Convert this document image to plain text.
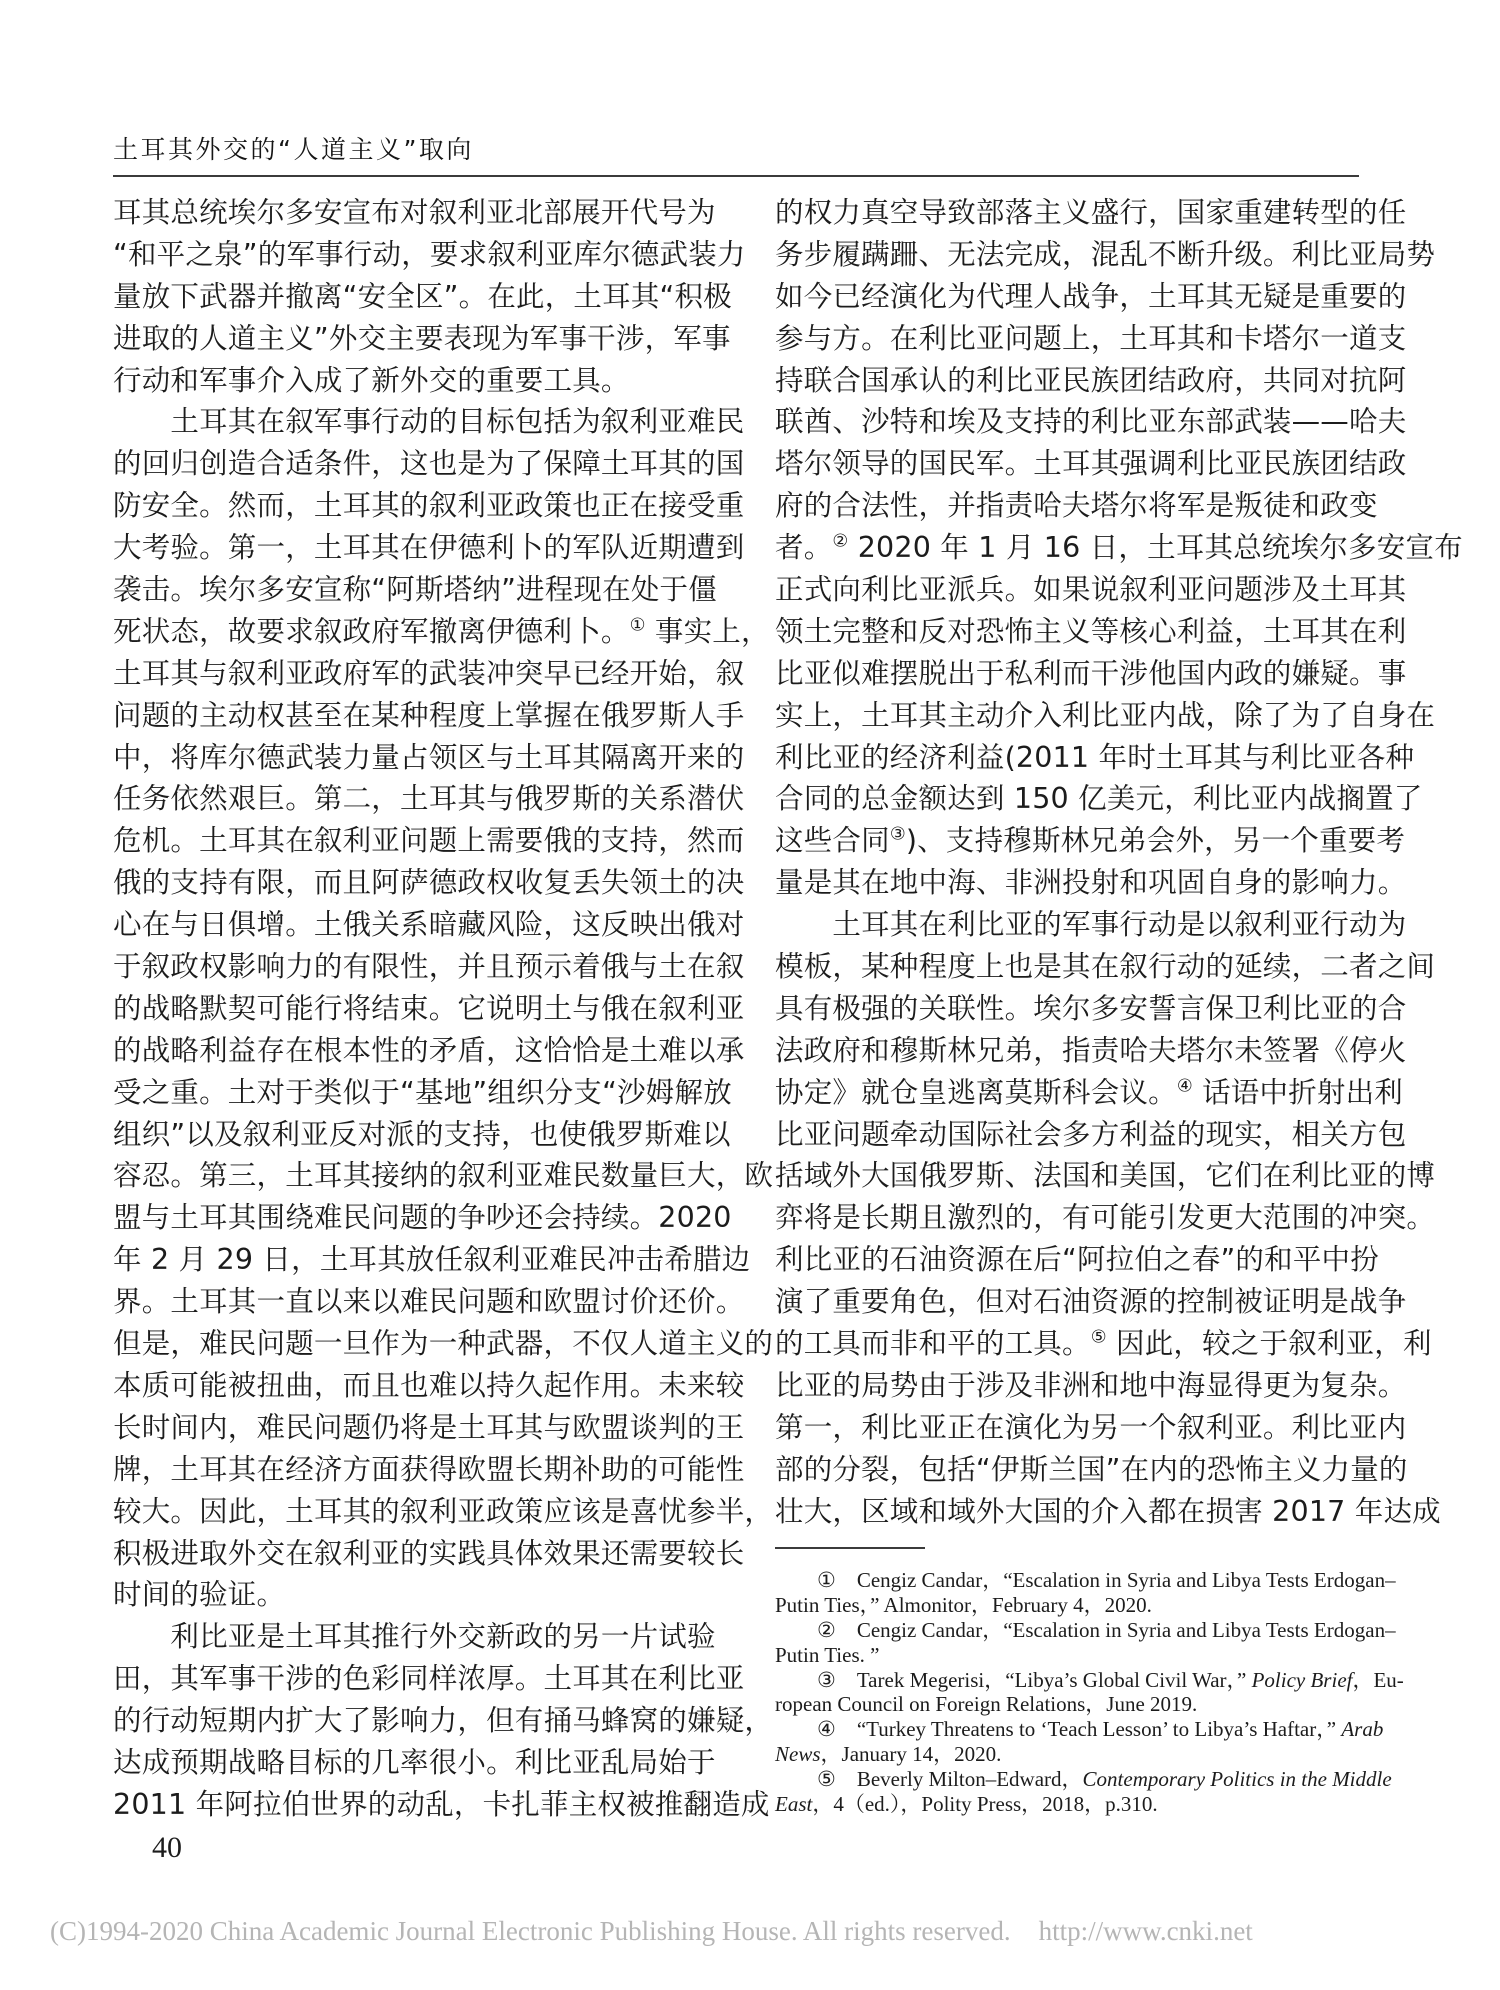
土耳其外交的“人道主义”取向
耳其总统埃尔多安宣布对叙利亚北部展开代号为
“和平之泉”的军事行动，要求叙利亚库尔德武装力
量放下武器并撤离“安全区”。在此，土耳其“积极
进取的人道主义”外交主要表现为军事干涉，军事
行动和军事介入成了新外交的重要工具。
　　土耳其在叙军事行动的目标包括为叙利亚难民
的回归创造合适条件，这也是为了保障土耳其的国
防安全。然而，土耳其的叙利亚政策也正在接受重
大考验。第一，土耳其在伊德利卜的军队近期遭到
袭击。埃尔多安宣称“阿斯塔纳”进程现在处于僵
死状态，故要求叙政府军撤离伊德利卜。① 事实上，
土耳其与叙利亚政府军的武装冲突早已经开始，叙
问题的主动权甚至在某种程度上掌握在俄罗斯人手
中，将库尔德武装力量占领区与土耳其隔离开来的
任务依然艰巨。第二，土耳其与俄罗斯的关系潜伏
危机。土耳其在叙利亚问题上需要俄的支持，然而
俄的支持有限，而且阿萨德政权收复丢失领土的决
心在与日俱增。土俄关系暗藏风险，这反映出俄对
于叙政权影响力的有限性，并且预示着俄与土在叙
的战略默契可能行将结束。它说明土与俄在叙利亚
的战略利益存在根本性的矛盾，这恰恰是土难以承
受之重。土对于类似于“基地”组织分支“沙姆解放
组织”以及叙利亚反对派的支持，也使俄罗斯难以
容忍。第三，土耳其接纳的叙利亚难民数量巨大，欧
盟与土耳其围绕难民问题的争吵还会持续。2020
年 2 月 29 日，土耳其放任叙利亚难民冲击希腊边
界。土耳其一直以来以难民问题和欧盟讨价还价。
但是，难民问题一旦作为一种武器，不仅人道主义的
本质可能被扭曲，而且也难以持久起作用。未来较
长时间内，难民问题仍将是土耳其与欧盟谈判的王
牌，土耳其在经济方面获得欧盟长期补助的可能性
较大。因此，土耳其的叙利亚政策应该是喜忧参半，
积极进取外交在叙利亚的实践具体效果还需要较长
时间的验证。
　　利比亚是土耳其推行外交新政的另一片试验
田，其军事干涉的色彩同样浓厚。土耳其在利比亚
的行动短期内扩大了影响力，但有捅马蜂窝的嫌疑，
达成预期战略目标的几率很小。利比亚乱局始于
2011 年阿拉伯世界的动乱，卡扎菲主权被推翻造成
的权力真空导致部落主义盛行，国家重建转型的任
务步履蹒跚、无法完成，混乱不断升级。利比亚局势
如今已经演化为代理人战争，土耳其无疑是重要的
参与方。在利比亚问题上，土耳其和卡塔尔一道支
持联合国承认的利比亚民族团结政府，共同对抗阿
联酋、沙特和埃及支持的利比亚东部武装——哈夫
塔尔领导的国民军。土耳其强调利比亚民族团结政
府的合法性，并指责哈夫塔尔将军是叛徒和政变
者。② 2020 年 1 月 16 日，土耳其总统埃尔多安宣布
正式向利比亚派兵。如果说叙利亚问题涉及土耳其
领土完整和反对恐怖主义等核心利益，土耳其在利
比亚似难摆脱出于私利而干涉他国内政的嫌疑。事
实上，土耳其主动介入利比亚内战，除了为了自身在
利比亚的经济利益(2011 年时土耳其与利比亚各种
合同的总金额达到 150 亿美元，利比亚内战搁置了
这些合同③)、支持穆斯林兄弟会外，另一个重要考
量是其在地中海、非洲投射和巩固自身的影响力。
　　土耳其在利比亚的军事行动是以叙利亚行动为
模板，某种程度上也是其在叙行动的延续，二者之间
具有极强的关联性。埃尔多安誓言保卫利比亚的合
法政府和穆斯林兄弟，指责哈夫塔尔未签署《停火
协定》就仓皇逃离莫斯科会议。④ 话语中折射出利
比亚问题牵动国际社会多方利益的现实，相关方包
括域外大国俄罗斯、法国和美国，它们在利比亚的博
弈将是长期且激烈的，有可能引发更大范围的冲突。
利比亚的石油资源在后“阿拉伯之春”的和平中扮
演了重要角色，但对石油资源的控制被证明是战争
的工具而非和平的工具。⑤ 因此，较之于叙利亚，利
比亚的局势由于涉及非洲和地中海显得更为复杂。
第一，利比亚正在演化为另一个叙利亚。利比亚内
部的分裂，包括“伊斯兰国”在内的恐怖主义力量的
壮大，区域和域外大国的介入都在损害 2017 年达成
①　Cengiz Candar，“Escalation in Syria and Libya Tests Erdogan–
Putin Ties，” Almonitor，February 4，2020.
②　Cengiz Candar，“Escalation in Syria and Libya Tests Erdogan–
Putin Ties. ”
③　Tarek Megerisi，“Libya’s Global Civil War，” Policy Brief，Eu-
ropean Council on Foreign Relations，June 2019.
④　“Turkey Threatens to ‘Teach Lesson’ to Libya’s Haftar，” Arab
News，January 14，2020.
⑤　Beverly Milton–Edward，Contemporary Politics in the Middle
East，4（ed.），Polity Press，2018，p.310.
40
(C)1994-2020 China Academic Journal Electronic Publishing House. All rights reserved. http://www.cnki.net
